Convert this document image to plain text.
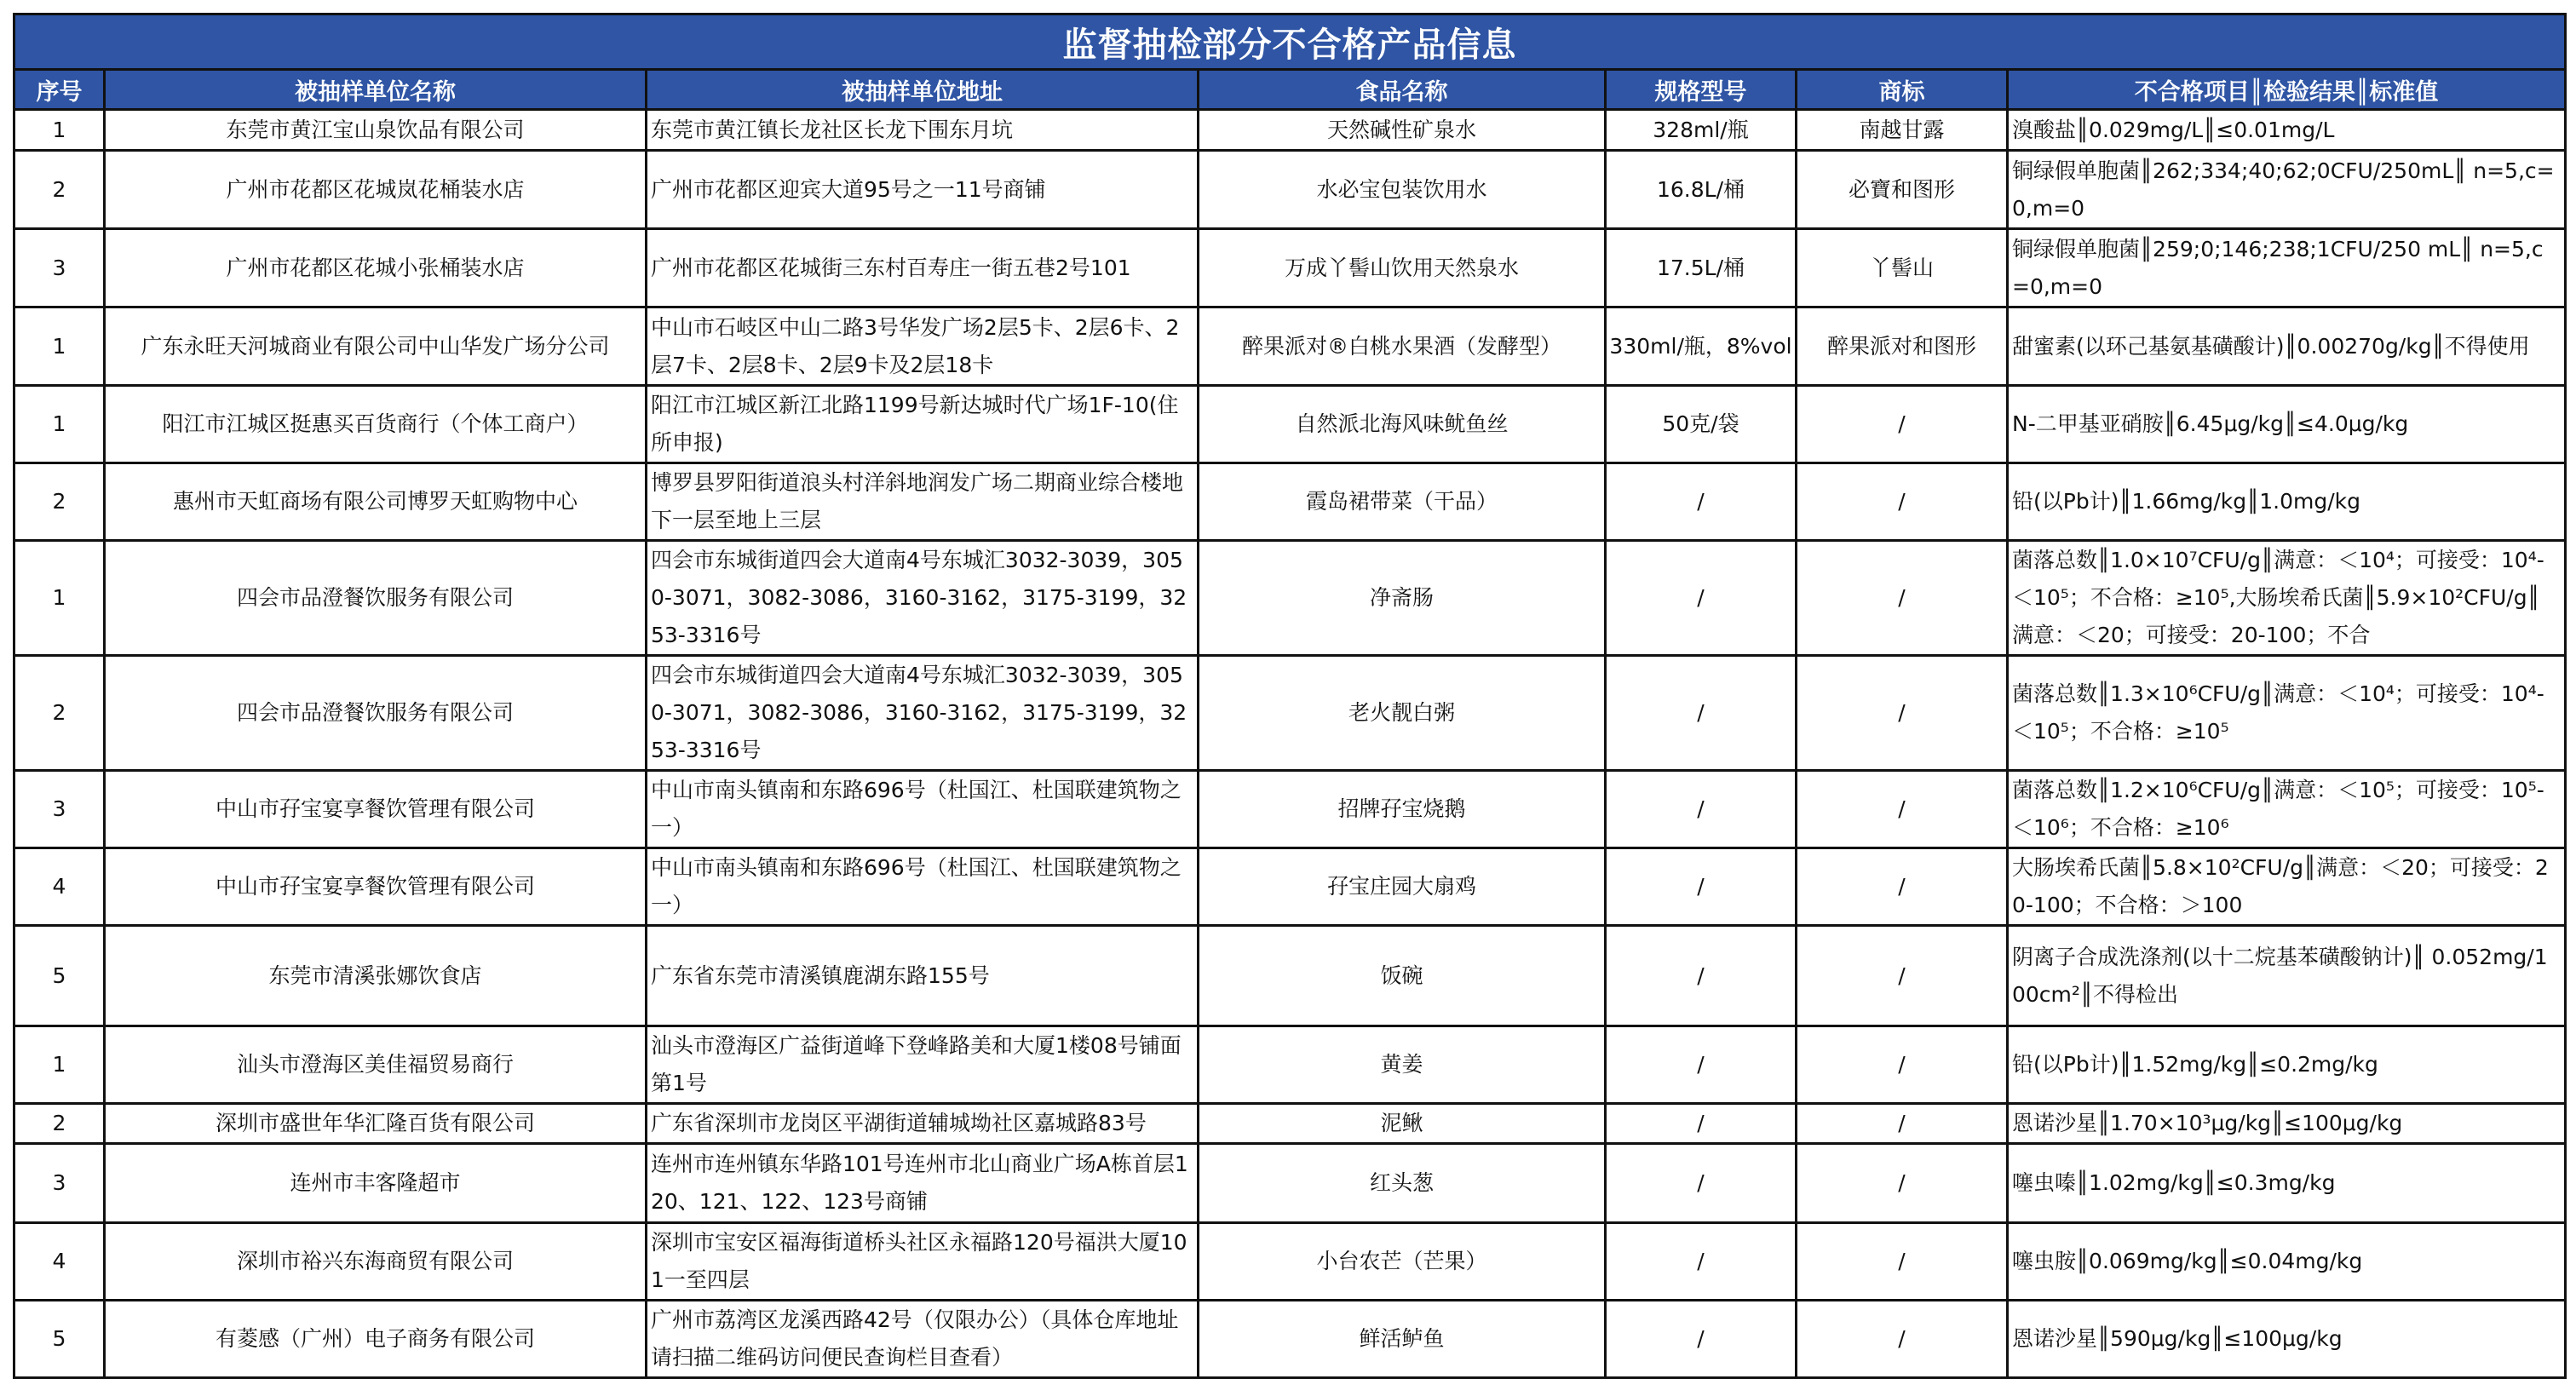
监督抽检部分不合格产品信息						
序号	被抽样单位名称	被抽样单位地址	食品名称	规格型号	商标	不合格项目║检验结果║标准值

1	东莞市黄江宝山泉饮品有限公司	东莞市黄江镇长龙社区长龙下围东月坑	天然碱性矿泉水	328ml/瓶	南越甘露	溴酸盐║0.029mg/L║≤0.01mg/L

2	广州市花都区花城岚花桶装水店	广州市花都区迎宾大道95号之一11号商铺	水必宝包装饮用水	16.8L/桶	必寶和图形	铜绿假单胞菌║262;334;40;62;0CFU/250mL║ n=5,c=0,m=0

3	广州市花都区花城小张桶装水店	广州市花都区花城街三东村百寿庄一街五巷2号101	万成丫髻山饮用天然泉水	17.5L/桶	丫髻山	铜绿假单胞菌║259;0;146;238;1CFU/250 mL║ n=5,c=0,m=0

1	广东永旺天河城商业有限公司中山华发广场分公司	中山市石岐区中山二路3号华发广场2层5卡、2层6卡、2层7卡、2层8卡、2层9卡及2层18卡	醉果派对®白桃水果酒（发酵型）	330ml/瓶，8%vol	醉果派对和图形	甜蜜素(以环己基氨基磺酸计)║0.00270g/kg║不得使用

1	阳江市江城区挺惠买百货商行（个体工商户）	阳江市江城区新江北路1199号新达城时代广场1F-10(住所申报)	自然派北海风味鱿鱼丝	50克/袋	/	N-二甲基亚硝胺║6.45μg/kg║≤4.0μg/kg

2	惠州市天虹商场有限公司博罗天虹购物中心	博罗县罗阳街道浪头村洋斜地润发广场二期商业综合楼地下一层至地上三层	霞岛裙带菜（干品）	/	/	铅(以Pb计)║1.66mg/kg║1.0mg/kg

1	四会市品澄餐饮服务有限公司	四会市东城街道四会大道南4号东城汇3032-3039，3050-3071，3082-3086，3160-3162，3175-3199，3253-3316号	净斋肠	/	/	菌落总数║1.0×10⁷CFU/g║满意：＜10⁴；可接受：10⁴-＜10⁵；不合格：≥10⁵,大肠埃希氏菌║5.9×10²CFU/g║满意：＜20；可接受：20-100；不合

2	四会市品澄餐饮服务有限公司	四会市东城街道四会大道南4号东城汇3032-3039，3050-3071，3082-3086，3160-3162，3175-3199，3253-3316号	老火靓白粥	/	/	菌落总数║1.3×10⁶CFU/g║满意：＜10⁴；可接受：10⁴-＜10⁵；不合格：≥10⁵

3	中山市孖宝宴享餐饮管理有限公司	中山市南头镇南和东路696号（杜国江、杜国联建筑物之一）	招牌孖宝烧鹅	/	/	菌落总数║1.2×10⁶CFU/g║满意：＜10⁵；可接受：10⁵-＜10⁶；不合格：≥10⁶

4	中山市孖宝宴享餐饮管理有限公司	中山市南头镇南和东路696号（杜国江、杜国联建筑物之一）	孖宝庄园大扇鸡	/	/	大肠埃希氏菌║5.8×10²CFU/g║满意：＜20；可接受：20-100；不合格：＞100

5	东莞市清溪张娜饮食店	广东省东莞市清溪镇鹿湖东路155号	饭碗	/	/	阴离子合成洗涤剂(以十二烷基苯磺酸钠计)║ 0.052mg/100cm²║不得检出

1	汕头市澄海区美佳福贸易商行	汕头市澄海区广益街道峰下登峰路美和大厦1楼08号铺面第1号	黄姜	/	/	铅(以Pb计)║1.52mg/kg║≤0.2mg/kg

2	深圳市盛世年华汇隆百货有限公司	广东省深圳市龙岗区平湖街道辅城坳社区嘉城路83号	泥鳅	/	/	恩诺沙星║1.70×10³μg/kg║≤100μg/kg

3	连州市丰客隆超市	连州市连州镇东华路101号连州市北山商业广场A栋首层120、121、122、123号商铺	红头葱	/	/	噻虫嗪║1.02mg/kg║≤0.3mg/kg

4	深圳市裕兴东海商贸有限公司	深圳市宝安区福海街道桥头社区永福路120号福洪大厦101一至四层	小台农芒（芒果）	/	/	噻虫胺║0.069mg/kg║≤0.04mg/kg

5	有菱感（广州）电子商务有限公司	广州市荔湾区龙溪西路42号（仅限办公）（具体仓库地址请扫描二维码访问便民查询栏目查看）	鲜活鲈鱼	/	/	恩诺沙星║590μg/kg║≤100μg/kg
